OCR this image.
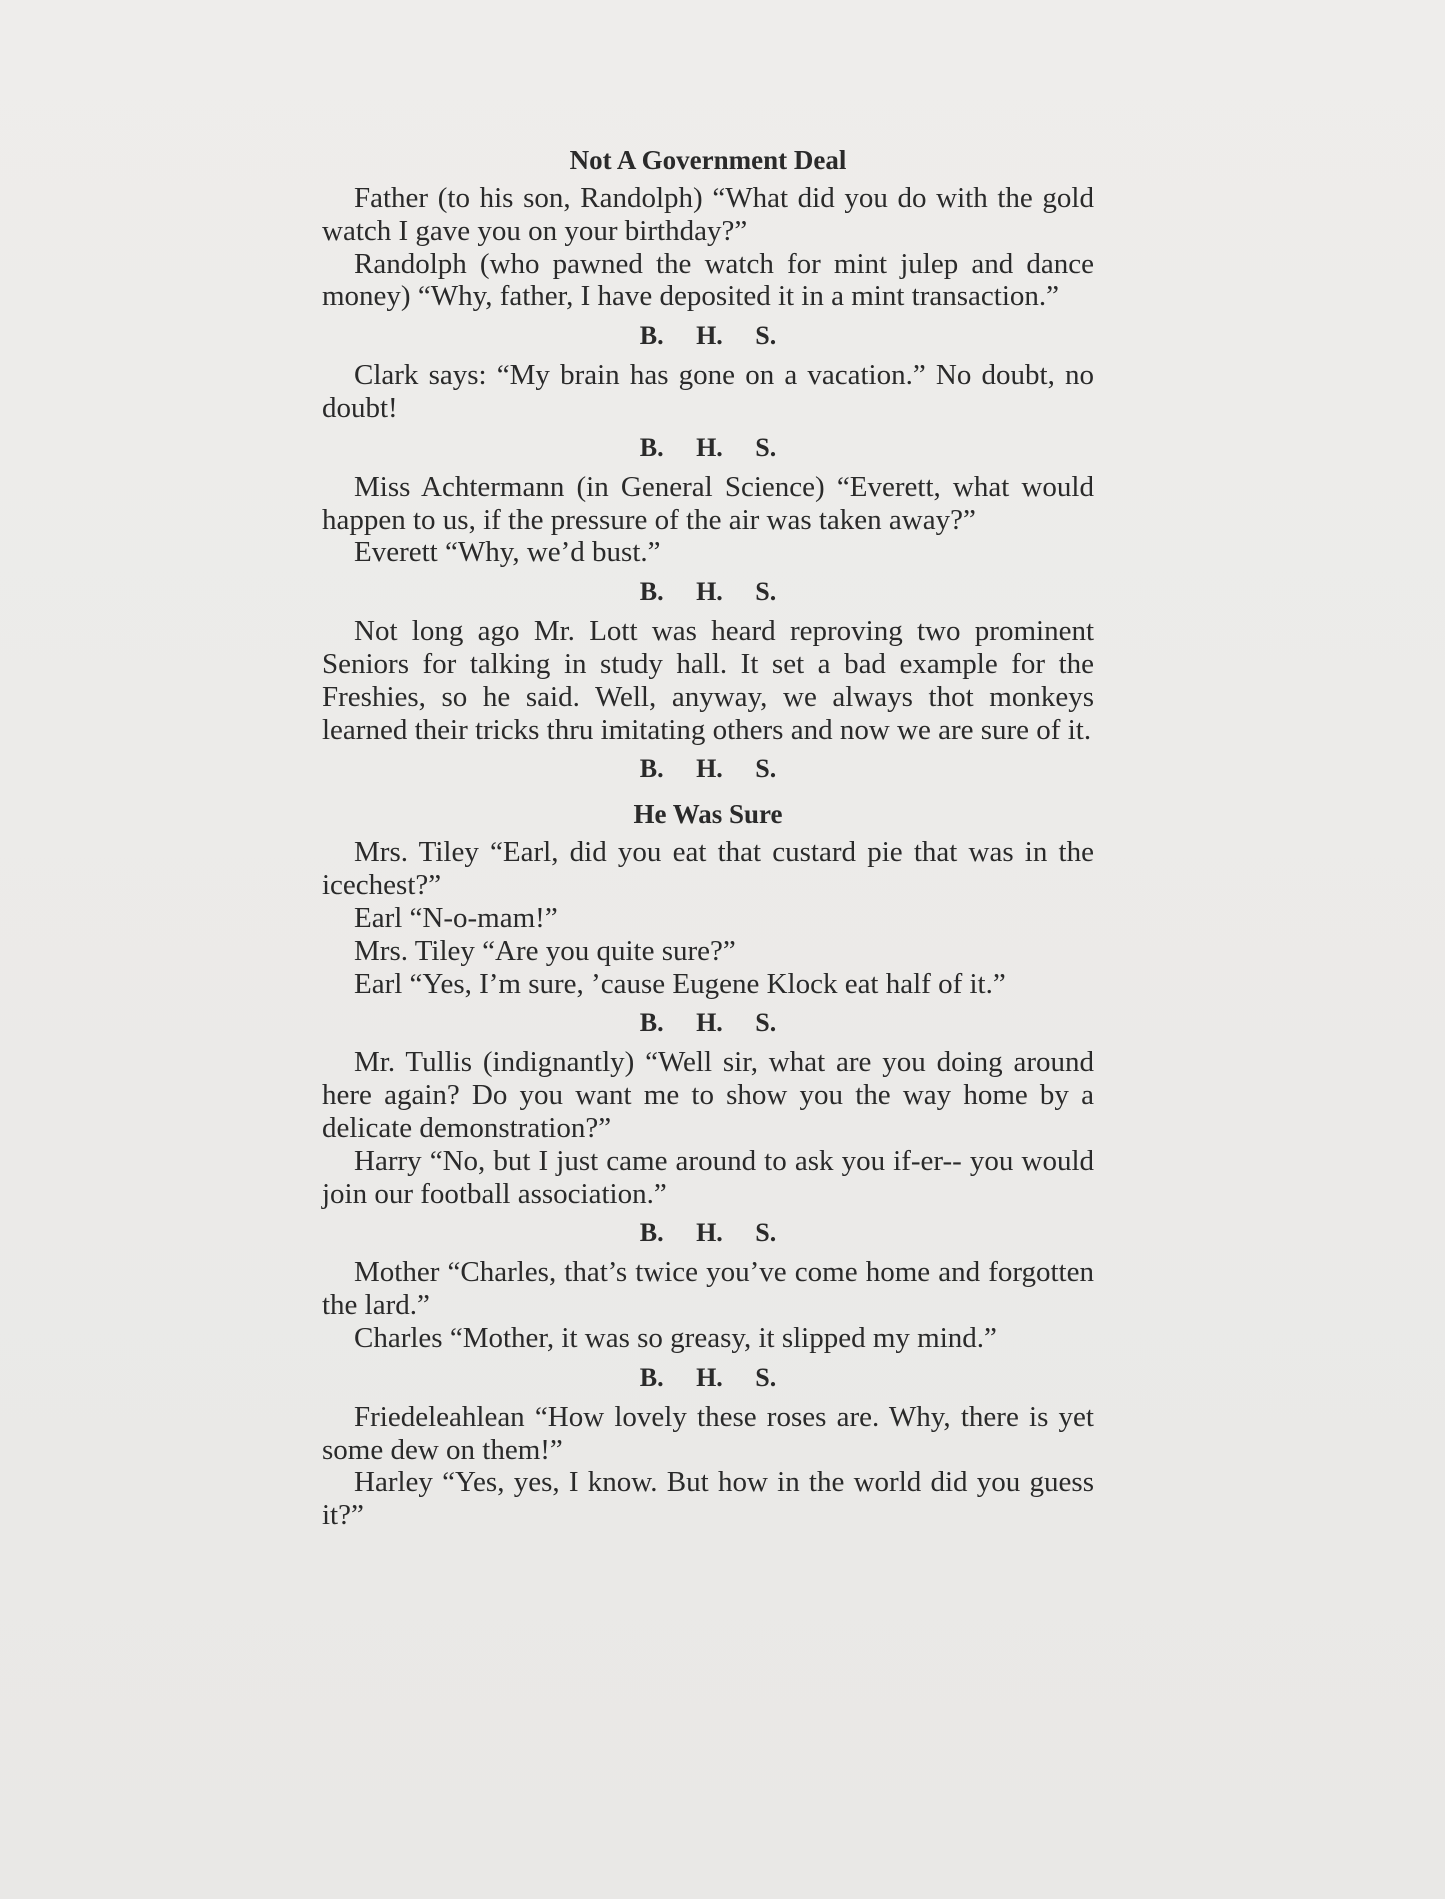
Not A Government Deal

Father (to his son, Randolph) “What did you do with the gold watch I gave you on your birthday?”

Randolph (who pawned the watch for mint julep and dance money) “Why, father, I have deposited it in a mint transaction.”

B. H. S.

Clark says: “My brain has gone on a vacation.” No doubt, no doubt!

B. H. S.

Miss Achtermann (in General Science) “Everett, what would happen to us, if the pressure of the air was taken away?”

Everett “Why, we’d bust.”

B. H. S.

Not long ago Mr. Lott was heard reproving two prominent Seniors for talking in study hall. It set a bad example for the Freshies, so he said. Well, anyway, we always thot monkeys learned their tricks thru imitating others and now we are sure of it.

B. H. S.
He Was Sure

Mrs. Tiley “Earl, did you eat that custard pie that was in the icechest?”

Earl “N-o-mam!”

Mrs. Tiley “Are you quite sure?”

Earl “Yes, I’m sure, ’cause Eugene Klock eat half of it.”

B. H. S.

Mr. Tullis (indignantly) “Well sir, what are you doing around here again? Do you want me to show you the way home by a delicate demonstration?”

Harry “No, but I just came around to ask you if-er-- you would join our football association.”

B. H. S.

Mother “Charles, that’s twice you’ve come home and forgotten the lard.”

Charles “Mother, it was so greasy, it slipped my mind.”

B. H. S.

Friedeleahlean “How lovely these roses are. Why, there is yet some dew on them!”

Harley “Yes, yes, I know. But how in the world did you guess it?”
